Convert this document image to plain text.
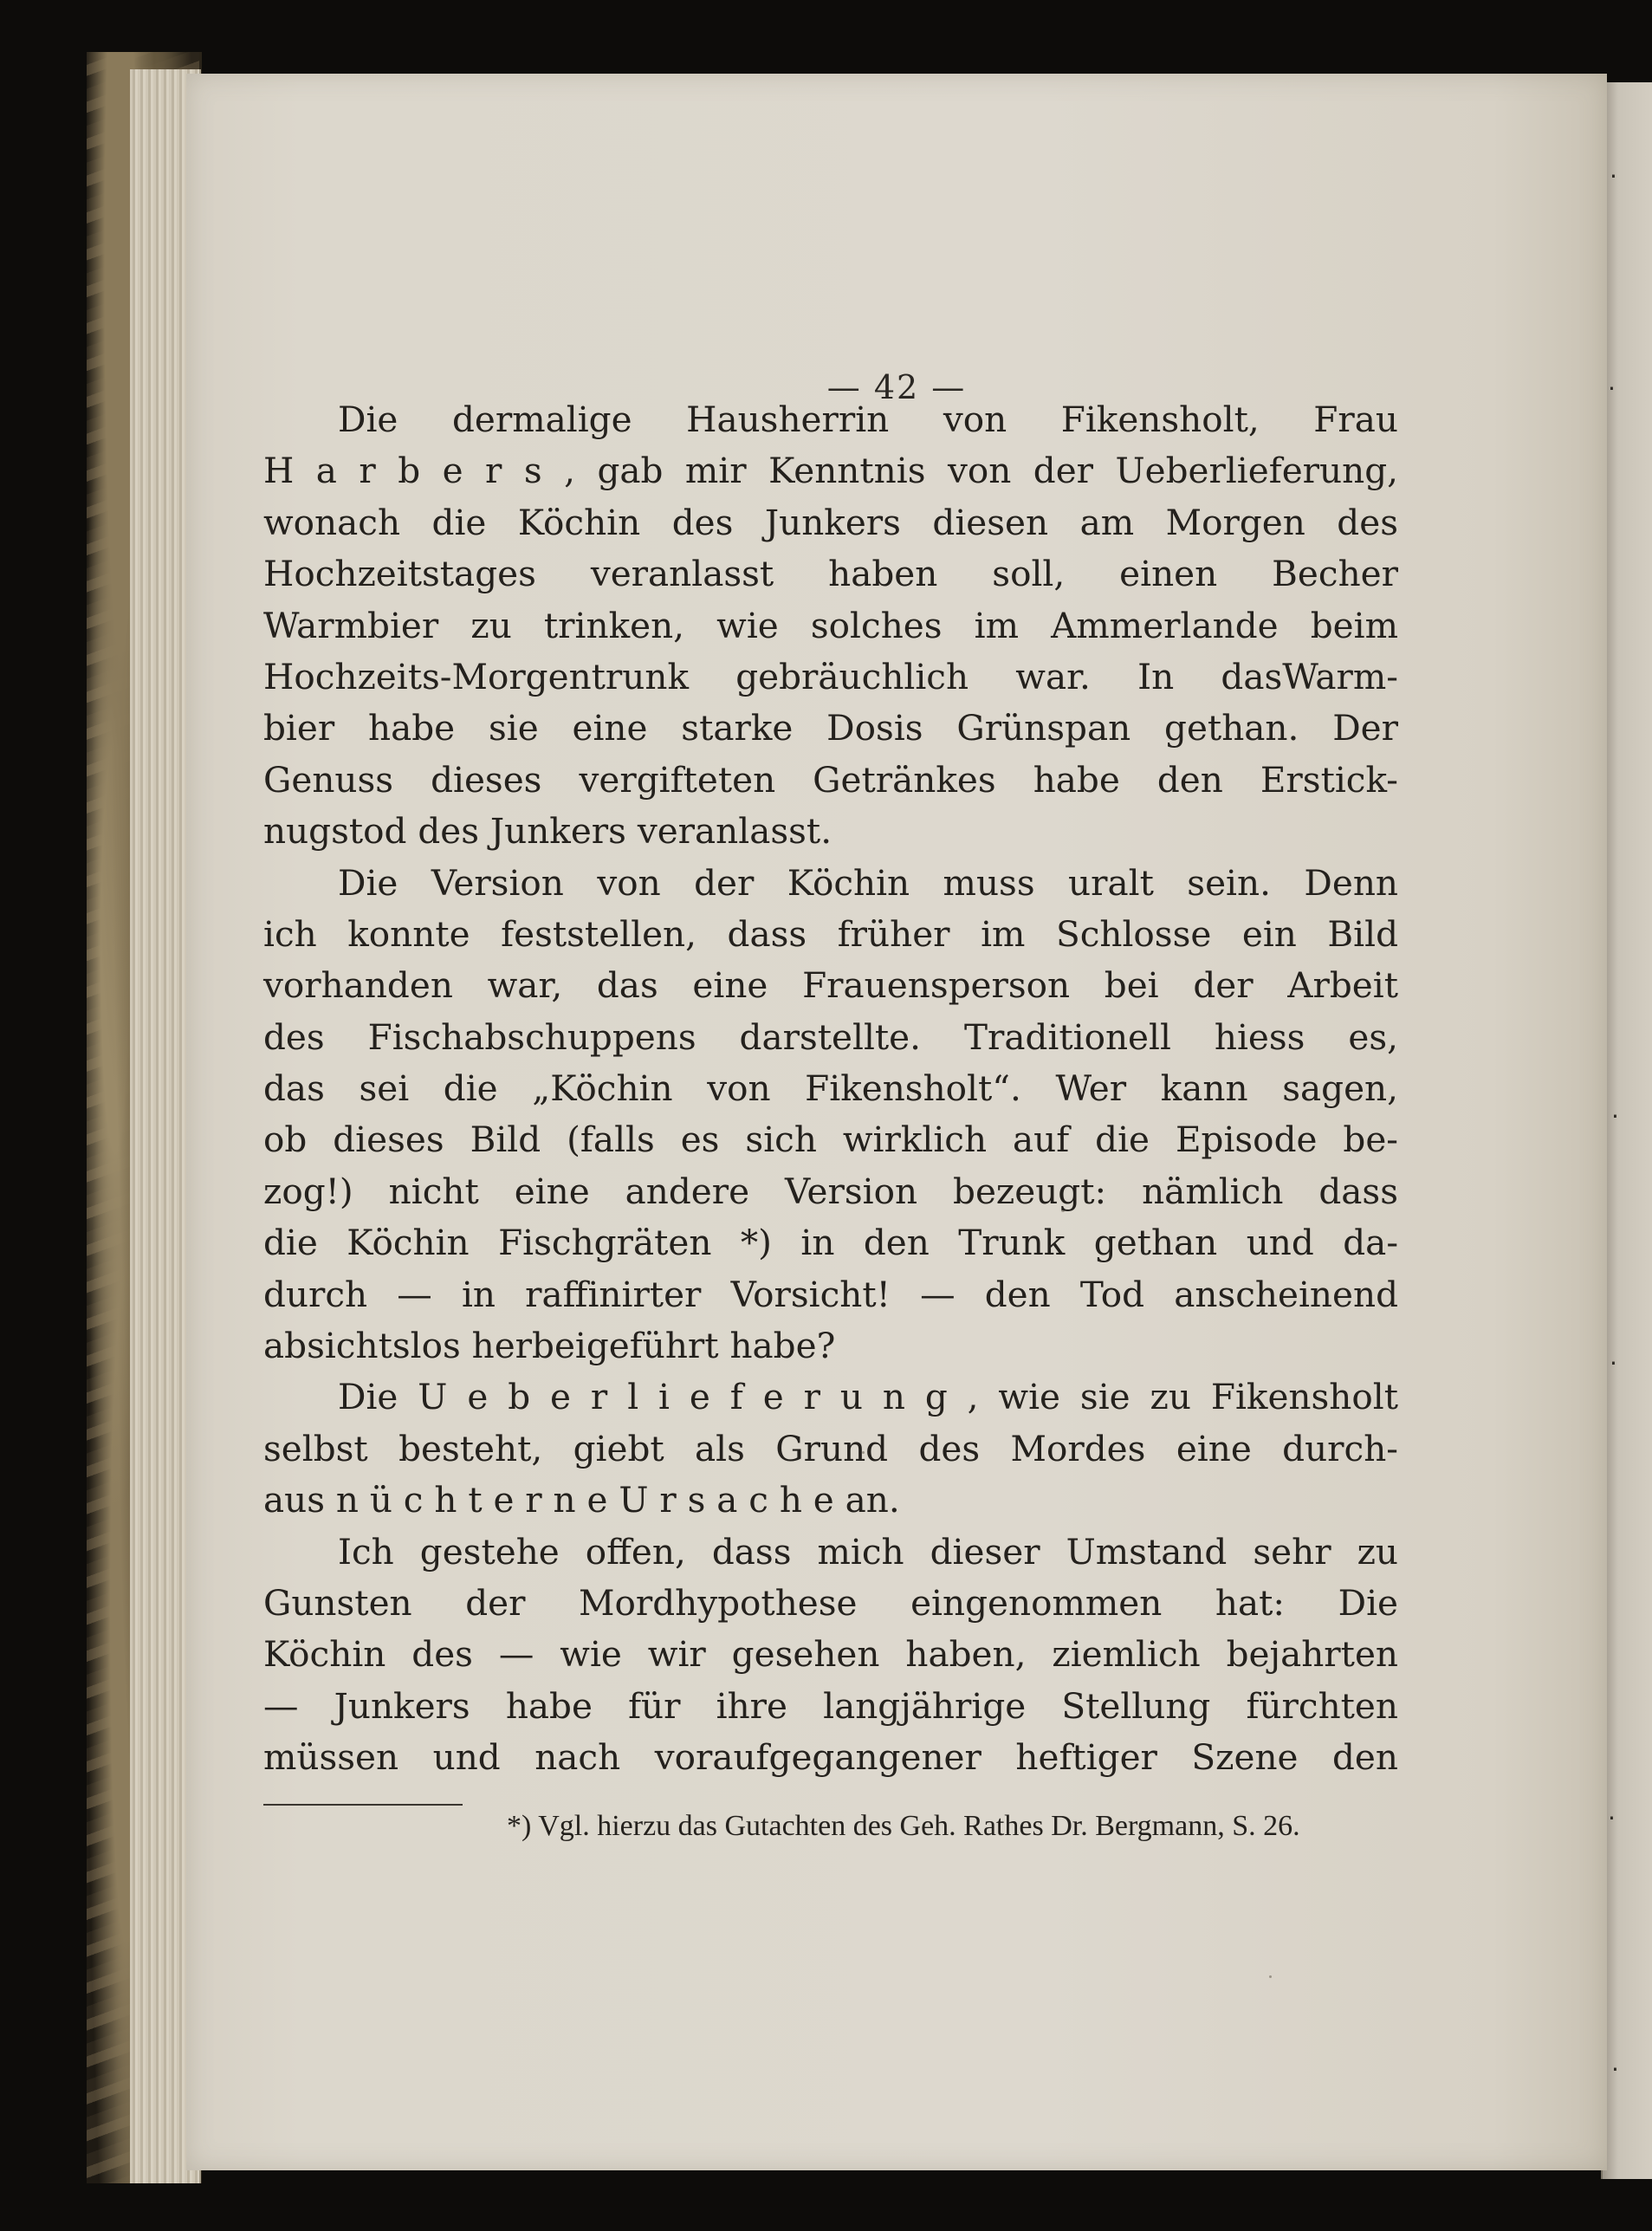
·
·
·
·
·
·
— 42 —
Die dermalige Hausherrin von Fikensholt, Frau
H a r b e r s , gab mir Kenntnis von der Ueberlieferung,
wonach die Köchin des Junkers diesen am Morgen des
Hochzeitstages veranlasst haben soll, einen Becher
Warmbier zu trinken, wie solches im Ammerlande beim
Hochzeits-Morgentrunk gebräuchlich war. In dasWarm-
bier habe sie eine starke Dosis Grünspan gethan. Der
Genuss dieses vergifteten Getränkes habe den Erstick-
nugstod des Junkers veranlasst.
Die Version von der Köchin muss uralt sein. Denn
ich konnte feststellen, dass früher im Schlosse ein Bild
vorhanden war, das eine Frauensperson bei der Arbeit
des Fischabschuppens darstellte. Traditionell hiess es,
das sei die „Köchin von Fikensholt“. Wer kann sagen,
ob dieses Bild (falls es sich wirklich auf die Episode be-
zog!) nicht eine andere Version bezeugt: nämlich dass
die Köchin Fischgräten *) in den Trunk gethan und da-
durch — in raffinirter Vorsicht! — den Tod anscheinend
absichtslos herbeigeführt habe?
Die U e b e r l i e f e r u n g , wie sie zu Fikensholt
selbst besteht, giebt als Grund des Mordes eine durch-
aus n ü c h t e r n e U r s a c h e an.
Ich gestehe offen, dass mich dieser Umstand sehr zu
Gunsten der Mordhypothese eingenommen hat: Die
Köchin des — wie wir gesehen haben, ziemlich bejahrten
— Junkers habe für ihre langjährige Stellung fürchten
müssen und nach voraufgegangener heftiger Szene den
*) Vgl. hierzu das Gutachten des Geh. Rathes Dr. Bergmann, S. 26.
